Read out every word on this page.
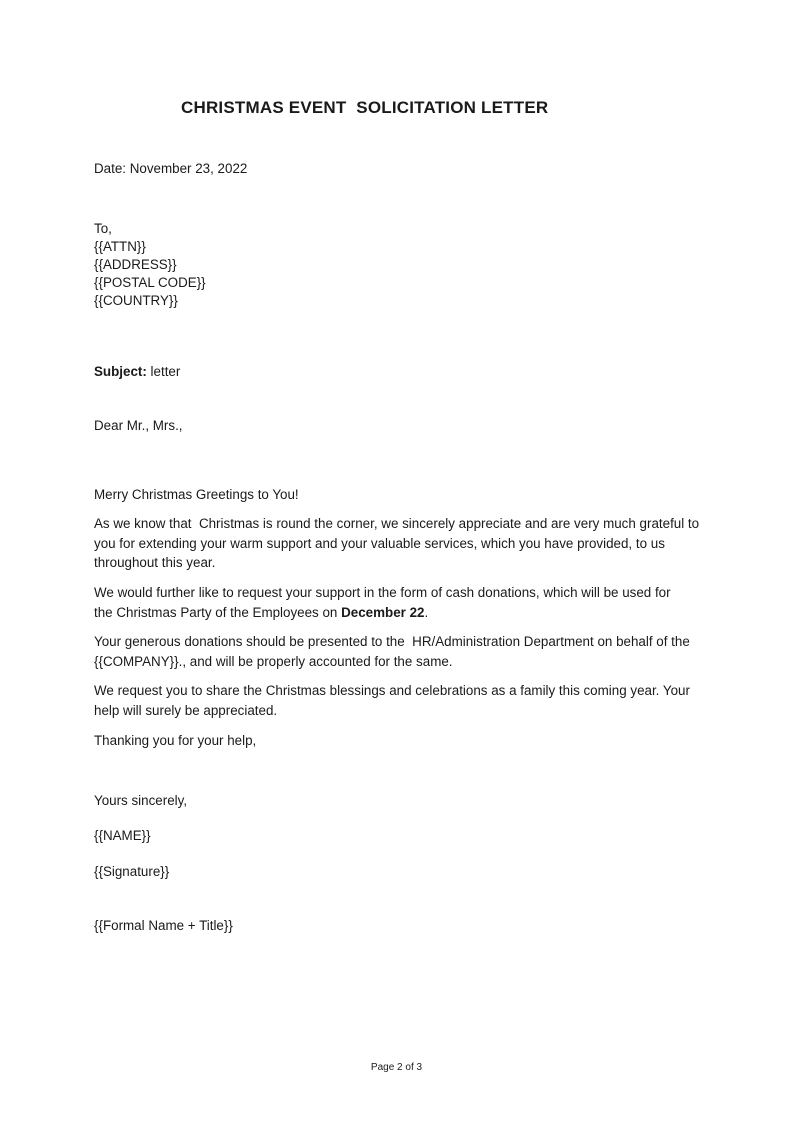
CHRISTMAS EVENT  SOLICITATION LETTER

Date: November 23, 2022

To,

{{ATTN}}

{{ADDRESS}}

{{POSTAL CODE}}

{{COUNTRY}}

Subject: letter

Dear Mr., Mrs.,

Merry Christmas Greetings to You!

As we know that  Christmas is round the corner, we sincerely appreciate and are very much grateful to
you for extending your warm support and your valuable services, which you have provided, to us
throughout this year.
We would further like to request your support in the form of cash donations, which will be used for
the Christmas Party of the Employees on December 22.
Your generous donations should be presented to the  HR/Administration Department on behalf of the
{{COMPANY}}., and will be properly accounted for the same.
We request you to share the Christmas blessings and celebrations as a family this coming year. Your
help will surely be appreciated.

Thanking you for your help,

Yours sincerely,

{{NAME}}

{{Signature}}

{{Formal Name + Title}}

Page 2 of 3
